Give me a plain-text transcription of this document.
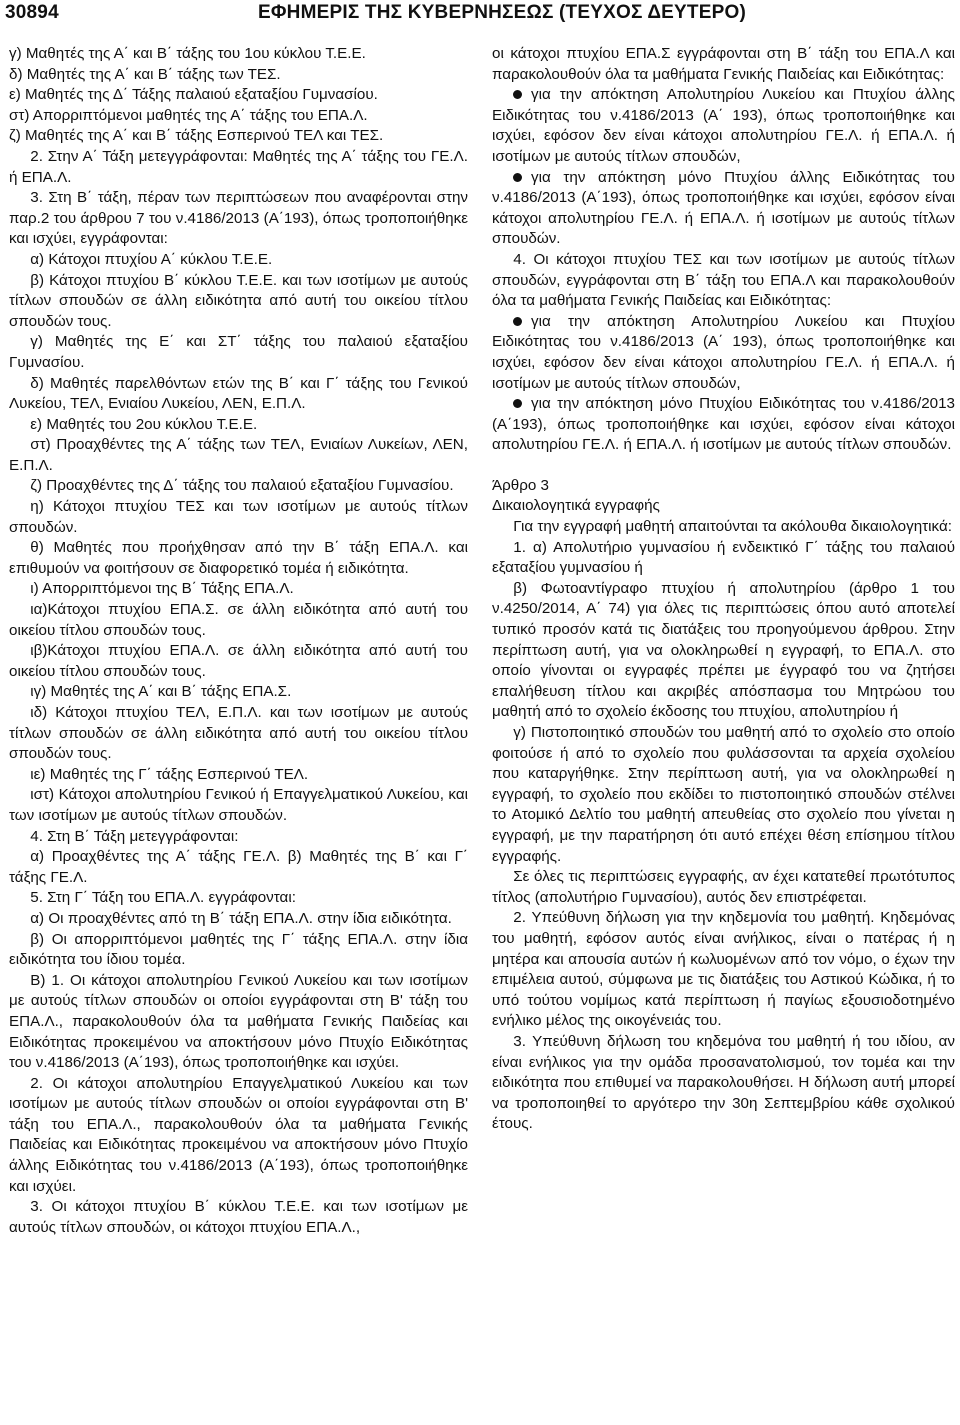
30894	ΕΦΗΜΕΡΙΣ ΤΗΣ ΚΥΒΕΡΝΗΣΕΩΣ (ΤΕΥΧΟΣ ΔΕΥΤΕΡΟ)

γ) Μαθητές της Α΄ και Β΄ τάξης του 1ου κύκλου Τ.Ε.Ε.

δ) Μαθητές της Α΄ και Β΄ τάξης των ΤΕΣ.

ε) Μαθητές της Δ΄ Τάξης παλαιού εξαταξίου Γυμνασίου.

στ) Απορριπτόμενοι μαθητές της Α΄ τάξης του ΕΠΑ.Λ.

ζ) Μαθητές της Α΄ και Β΄ τάξης Εσπερινού ΤΕΛ και ΤΕΣ.

2. Στην Α΄ Τάξη μετεγγράφονται: Μαθητές της Α΄ τάξης του ΓΕ.Λ. ή ΕΠΑ.Λ.

3. Στη Β΄ τάξη, πέραν των περιπτώσεων που αναφέρονται στην παρ.2 του άρθρου 7 του ν.4186/2013 (Α΄193), όπως τροποποιήθηκε και ισχύει, εγγράφονται:

α) Κάτοχοι πτυχίου Α΄ κύκλου Τ.Ε.Ε.

β) Κάτοχοι πτυχίου Β΄ κύκλου Τ.Ε.Ε. και των ισοτίμων με αυτούς τίτλων σπουδών σε άλλη ειδικότητα από αυτή του οικείου τίτλου σπουδών τους.

γ) Μαθητές της Ε΄ και ΣΤ΄ τάξης του παλαιού εξαταξίου Γυμνασίου.

δ) Μαθητές παρελθόντων ετών της Β΄ και Γ΄ τάξης του Γενικού Λυκείου, ΤΕΛ, Ενιαίου Λυκείου, ΛΕΝ, Ε.Π.Λ.

ε) Μαθητές του 2ου κύκλου Τ.Ε.Ε.

στ) Προαχθέντες της Α΄ τάξης των ΤΕΛ, Ενιαίων Λυκείων, ΛΕΝ, Ε.Π.Λ.

ζ) Προαχθέντες της Δ΄ τάξης του παλαιού εξαταξίου Γυμνασίου.

η) Κάτοχοι πτυχίου ΤΕΣ και των ισοτίμων με αυτούς τίτλων σπουδών.

θ) Μαθητές που προήχθησαν από την Β΄ τάξη ΕΠΑ.Λ. και επιθυμούν να φοιτήσουν σε διαφορετικό τομέα ή ειδικότητα.

ι) Απορριπτόμενοι της Β΄ Τάξης ΕΠΑ.Λ.

ια)Κάτοχοι πτυχίου ΕΠΑ.Σ. σε άλλη ειδικότητα από αυτή του οικείου τίτλου σπουδών τους.

ιβ)Κάτοχοι πτυχίου ΕΠΑ.Λ. σε άλλη ειδικότητα από αυτή του οικείου τίτλου σπουδών τους.

ιγ) Μαθητές της Α΄ και Β΄ τάξης ΕΠΑ.Σ.

ιδ) Κάτοχοι πτυχίου ΤΕΛ, Ε.Π.Λ. και των ισοτίμων με αυτούς τίτλων σπουδών σε άλλη ειδικότητα από αυτή του οικείου τίτλου σπουδών τους.

ιε) Μαθητές της Γ΄ τάξης Εσπερινού ΤΕΛ.

ιστ) Κάτοχοι απολυτηρίου Γενικού ή Επαγγελματικού Λυκείου, και των ισοτίμων με αυτούς τίτλων σπουδών.

4. Στη Β΄ Τάξη μετεγγράφονται:

α) Προαχθέντες της Α΄ τάξης ΓΕ.Λ. β) Μαθητές της Β΄ και Γ΄ τάξης ΓΕ.Λ.

5. Στη Γ΄ Τάξη του ΕΠΑ.Λ. εγγράφονται:

α) Οι προαχθέντες από τη Β΄ τάξη ΕΠΑ.Λ. στην ίδια ειδικότητα.

β) Οι απορριπτόμενοι μαθητές της Γ΄ τάξης ΕΠΑ.Λ. στην ίδια ειδικότητα του ίδιου τομέα.

Β) 1. Οι κάτοχοι απολυτηρίου Γενικού Λυκείου και των ισοτίμων με αυτούς τίτλων σπουδών οι οποίοι εγγράφονται στη Β' τάξη του ΕΠΑ.Λ., παρακολουθούν όλα τα μαθήματα Γενικής Παιδείας και Ειδικότητας προκειμένου να αποκτήσουν μόνο Πτυχίο Ειδικότητας του ν.4186/2013 (Α΄193), όπως τροποποιήθηκε και ισχύει.

2. Οι κάτοχοι απολυτηρίου Επαγγελματικού Λυκείου και των ισοτίμων με αυτούς τίτλων σπουδών οι οποίοι εγγράφονται στη Β' τάξη του ΕΠΑ.Λ., παρακολουθούν όλα τα μαθήματα Γενικής Παιδείας και Ειδικότητας προκειμένου να αποκτήσουν μόνο Πτυχίο άλλης Ειδικότητας του ν.4186/2013 (Α΄193), όπως τροποποιήθηκε και ισχύει.

3. Οι κάτοχοι πτυχίου Β΄ κύκλου Τ.Ε.Ε. και των ισοτίμων με αυτούς τίτλων σπουδών, οι κάτοχοι πτυχίου ΕΠΑ.Λ.,

οι κάτοχοι πτυχίου ΕΠΑ.Σ εγγράφονται στη Β΄ τάξη του ΕΠΑ.Λ και παρακολουθούν όλα τα μαθήματα Γενικής Παιδείας και Ειδικότητας:

για την απόκτηση Απολυτηρίου Λυκείου και Πτυχίου άλλης Ειδικότητας του ν.4186/2013 (Α΄ 193), όπως τροποποιήθηκε και ισχύει, εφόσον δεν είναι κάτοχοι απολυτηρίου ΓΕ.Λ. ή ΕΠΑ.Λ. ή ισοτίμων με αυτούς τίτλων σπουδών,

για την απόκτηση μόνο Πτυχίου άλλης Ειδικότητας του ν.4186/2013 (Α΄193), όπως τροποποιήθηκε και ισχύει, εφόσον είναι κάτοχοι απολυτηρίου ΓΕ.Λ. ή ΕΠΑ.Λ. ή ισοτίμων με αυτούς τίτλων σπουδών.

4. Οι κάτοχοι πτυχίου ΤΕΣ και των ισοτίμων με αυτούς τίτλων σπουδών, εγγράφονται στη Β΄ τάξη του ΕΠΑ.Λ και παρακολουθούν όλα τα μαθήματα Γενικής Παιδείας και Ειδικότητας:

για την απόκτηση Απολυτηρίου Λυκείου και Πτυχίου Ειδικότητας του ν.4186/2013 (Α΄ 193), όπως τροποποιήθηκε και ισχύει, εφόσον δεν είναι κάτοχοι απολυτηρίου ΓΕ.Λ. ή ΕΠΑ.Λ. ή ισοτίμων με αυτούς τίτλων σπουδών,

για την απόκτηση μόνο Πτυχίου Ειδικότητας του ν.4186/2013 (Α΄193), όπως τροποποιήθηκε και ισχύει, εφόσον είναι κάτοχοι απολυτηρίου ΓΕ.Λ. ή ΕΠΑ.Λ. ή ισοτίμων με αυτούς τίτλων σπουδών.

Άρθρο 3

Δικαιολογητικά εγγραφής

Για την εγγραφή μαθητή απαιτούνται τα ακόλουθα δικαιολογητικά:

1. α) Απολυτήριο γυμνασίου ή ενδεικτικό Γ΄ τάξης του παλαιού εξαταξίου γυμνασίου ή

β) Φωτοαντίγραφο πτυχίου ή απολυτηρίου (άρθρο 1 του ν.4250/2014, Α΄ 74) για όλες τις περιπτώσεις όπου αυτό αποτελεί τυπικό προσόν κατά τις διατάξεις του προηγούμενου άρθρου. Στην περίπτωση αυτή, για να ολοκληρωθεί η εγγραφή, το ΕΠΑ.Λ. στο οποίο γίνονται οι εγγραφές πρέπει με έγγραφό του να ζητήσει επαλήθευση τίτλου και ακριβές απόσπασμα του Μητρώου του μαθητή από το σχολείο έκδοσης του πτυχίου, απολυτηρίου ή

γ) Πιστοποιητικό σπουδών του μαθητή από το σχολείο στο οποίο φοιτούσε ή από το σχολείο που φυλάσσονται τα αρχεία σχολείου που καταργήθηκε. Στην περίπτωση αυτή, για να ολοκληρωθεί η εγγραφή, το σχολείο που εκδίδει το πιστοποιητικό σπουδών στέλνει το Ατομικό Δελτίο του μαθητή απευθείας στο σχολείο που γίνεται η εγγραφή, με την παρατήρηση ότι αυτό επέχει θέση επίσημου τίτλου εγγραφής.

Σε όλες τις περιπτώσεις εγγραφής, αν έχει κατατεθεί πρωτότυπος τίτλος (απολυτήριο Γυμνασίου), αυτός δεν επιστρέφεται.

2. Υπεύθυνη δήλωση για την κηδεμονία του μαθητή. Κηδεμόνας του μαθητή, εφόσον αυτός είναι ανήλικος, είναι ο πατέρας ή η μητέρα και απουσία αυτών ή κωλυομένων από τον νόμο, ο έχων την επιμέλεια αυτού, σύμφωνα με τις διατάξεις του Αστικού Κώδικα, ή το υπό τούτου νομίμως κατά περίπτωση ή παγίως εξουσιοδοτημένο ενήλικο μέλος της οικογένειάς του.

3. Υπεύθυνη δήλωση του κηδεμόνα του μαθητή ή του ιδίου, αν είναι ενήλικος για την ομάδα προσανατολισμού, τον τομέα και την ειδικότητα που επιθυμεί να παρακολουθήσει. Η δήλωση αυτή μπορεί να τροποποιηθεί το αργότερο την 30η Σεπτεμβρίου κάθε σχολικού έτους.
